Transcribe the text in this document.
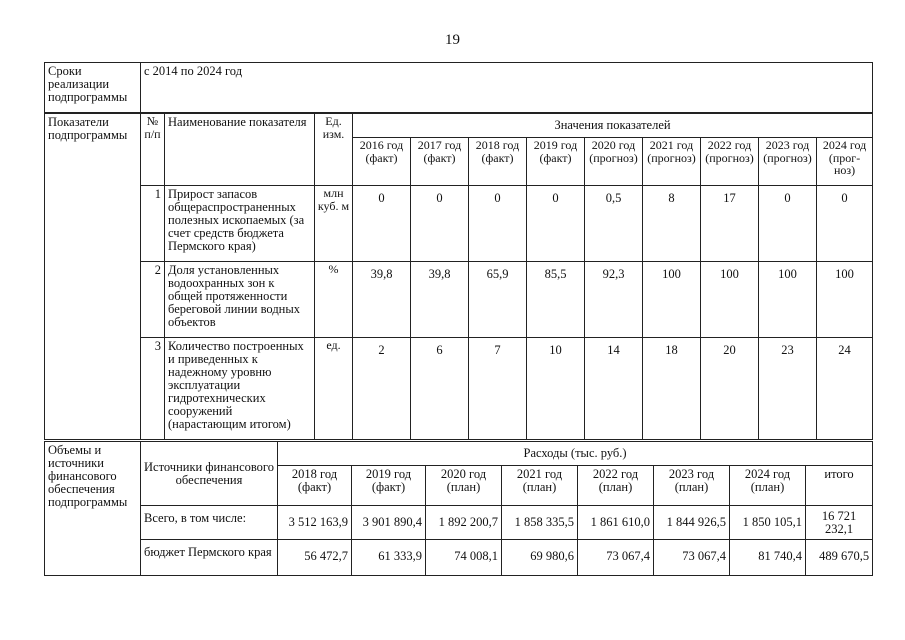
19
Сроки реализации подпрограммы	с 2014 по 2024 год
Показатели подпрограммы	№ п/п	Наименование показателя	Ед. изм.	Значения показателей								
				2016 год (факт)	2017 год (факт)	2018 год (факт)	2019 год (факт)	2020 год (прогноз)	2021 год (прогноз)	2022 год (прогноз)	2023 год (прогноз)	2024 год (прог-ноз)
	1	Прирост запасов общераспространенных полезных ископаемых (за счет средств бюджета Пермского края)	млн куб. м	0	0	0	0	0,5	8	17	0	0
	2	Доля установленных водоохранных зон к общей протяженности береговой линии водных объектов	%	39,8	39,8	65,9	85,5	92,3	100	100	100	100
	3	Количество построенных и приведенных к надежному уровню эксплуатации гидротехнических сооружений (нарастающим итогом)	ед.	2	6	7	10	14	18	20	23	24
Объемы и источники финансового обеспечения подпрограммы	Источники финансового обеспечения	Расходы (тыс. руб.)							
		2018 год (факт)	2019 год (факт)	2020 год (план)	2021 год (план)	2022 год (план)	2023 год (план)	2024 год (план)	итого
	Всего, в том числе:	3 512 163,9	3 901 890,4	1 892 200,7	1 858 335,5	1 861 610,0	1 844 926,5	1 850 105,1	16 721 232,1
	бюджет Пермского края	56 472,7	61 333,9	74 008,1	69 980,6	73 067,4	73 067,4	81 740,4	489 670,5
